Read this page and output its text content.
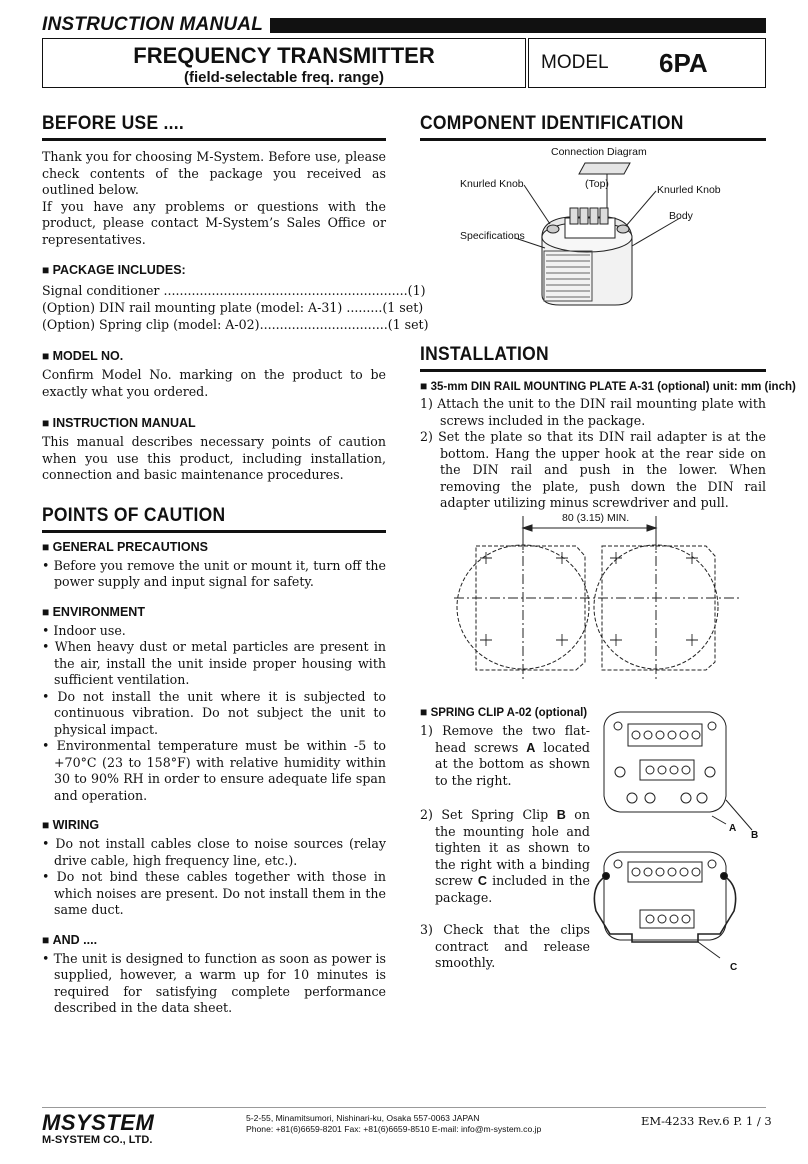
INSTRUCTION MANUAL
FREQUENCY TRANSMITTER
(field-selectable freq. range)
MODEL 6PA
BEFORE USE ....
Thank you for choosing M-System. Before use, please check contents of the package you received as outlined below.
If you have any problems or questions with the product, please contact M-System’s Sales Office or representatives.
■ PACKAGE INCLUDES:
Signal conditioner .............................................................(1)
(Option) DIN rail mounting plate (model: A-31) .........(1 set)
(Option) Spring clip (model: A-02)................................(1 set)
■ MODEL NO.
Confirm Model No. marking on the product to be exactly what you ordered.
■ INSTRUCTION MANUAL
This manual describes necessary points of caution when you use this product, including installation, connection and basic maintenance procedures.
POINTS OF CAUTION
■ GENERAL PRECAUTIONS
• Before you remove the unit or mount it, turn off the power supply and input signal for safety.
■ ENVIRONMENT
• Indoor use.
• When heavy dust or metal particles are present in the air, install the unit inside proper housing with sufficient ventilation.
• Do not install the unit where it is subjected to continuous vibration. Do not subject the unit to physical impact.
• Environmental temperature must be within -5 to +70°C (23 to 158°F) with relative humidity within 30 to 90% RH in order to ensure adequate life span and operation.
■ WIRING
• Do not install cables close to noise sources (relay drive cable, high frequency line, etc.).
• Do not bind these cables together with those in which noises are present. Do not install them in the same duct.
■ AND ....
• The unit is designed to function as soon as power is supplied, however, a warm up for 10 minutes is required for satisfying complete performance described in the data sheet.
COMPONENT IDENTIFICATION
Connection Diagram
(Top)
Knurled Knob	Knurled Knob
Body
Specifications
INSTALLATION
■ 35-mm DIN RAIL MOUNTING PLATE A-31 (optional) unit: mm (inch)
1) Attach the unit to the DIN rail mounting plate with screws included in the package.
2) Set the plate so that its DIN rail adapter is at the bottom. Hang the upper hook at the rear side on the DIN rail and push in the lower. When removing the plate, push down the DIN rail adapter utilizing minus screwdriver and pull.
80 (3.15) MIN.
■ SPRING CLIP A-02 (optional)
1) Remove the two flat-head screws A located at the bottom as shown to the right.
2) Set Spring Clip B on the mounting hole and tighten it as shown to the right with a binding screw C included in the package.
3) Check that the clips contract and release smoothly.
A
B
C
MSYSTEM
M-SYSTEM CO., LTD.
5-2-55, Minamitsumori, Nishinari-ku, Osaka 557-0063 JAPAN
Phone: +81(6)6659-8201 Fax: +81(6)6659-8510 E-mail: info@m-system.co.jp
EM-4233 Rev.6 P. 1 / 3
